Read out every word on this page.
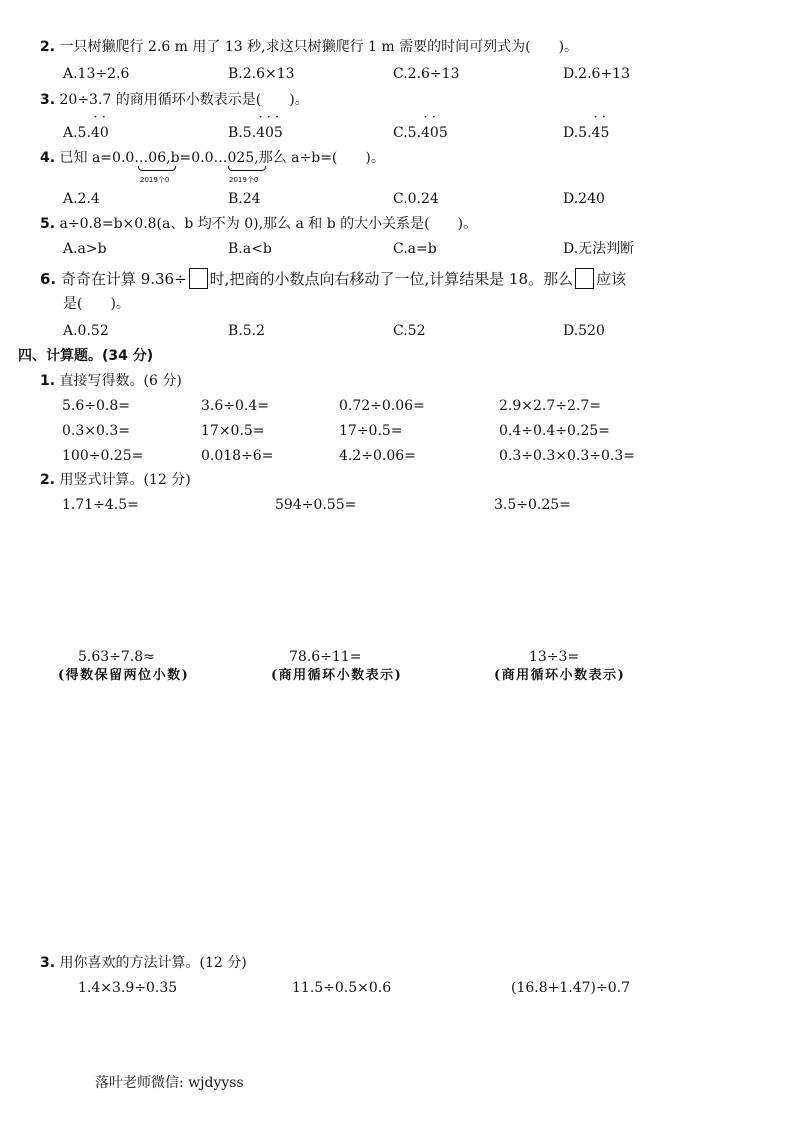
2. 一只树獭爬行 2.6 m 用了 13 秒,求这只树獭爬行 1 m 需要的时间可列式为(　　)。
A.13÷2.6	B.2.6×13	C.2.6÷13	D.2.6+13
3. 20÷3.7 的商用循环小数表示是(　　)。
· ·	· · ·	· ·	· ·
A.5.40	B.5.405	C.5.405	D.5.45
4. 已知 a=0.0…06,b=0.0…025,那么 a÷b=(　　)。
2019个0	2019个0
A.2.4	B.24	C.0.24	D.240
5. a÷0.8=b×0.8(a、b 均不为 0),那么 a 和 b 的大小关系是(　　)。
A.a>b	B.a<b	C.a=b	D.无法判断
6. 奇奇在计算 9.36÷ 时,把商的小数点向右移动了一位,计算结果是 18。那么 应该
是(　　)。
A.0.52	B.5.2	C.52	D.520
四、计算题。(34 分)
1. 直接写得数。(6 分)
5.6÷0.8=	3.6÷0.4=	0.72÷0.06=	2.9×2.7÷2.7=
0.3×0.3=	17×0.5=	17÷0.5=	0.4÷0.4÷0.25=
100÷0.25=	0.018÷6=	4.2÷0.06=	0.3÷0.3×0.3÷0.3=
2. 用竖式计算。(12 分)
1.71÷4.5=	594÷0.55=	3.5÷0.25=
5.63÷7.8≈	78.6÷11=	13÷3=
(得数保留两位小数)	(商用循环小数表示)	(商用循环小数表示)
3. 用你喜欢的方法计算。(12 分)
1.4×3.9÷0.35	11.5÷0.5×0.6	(16.8+1.47)÷0.7
落叶老师微信: wjdyyss
